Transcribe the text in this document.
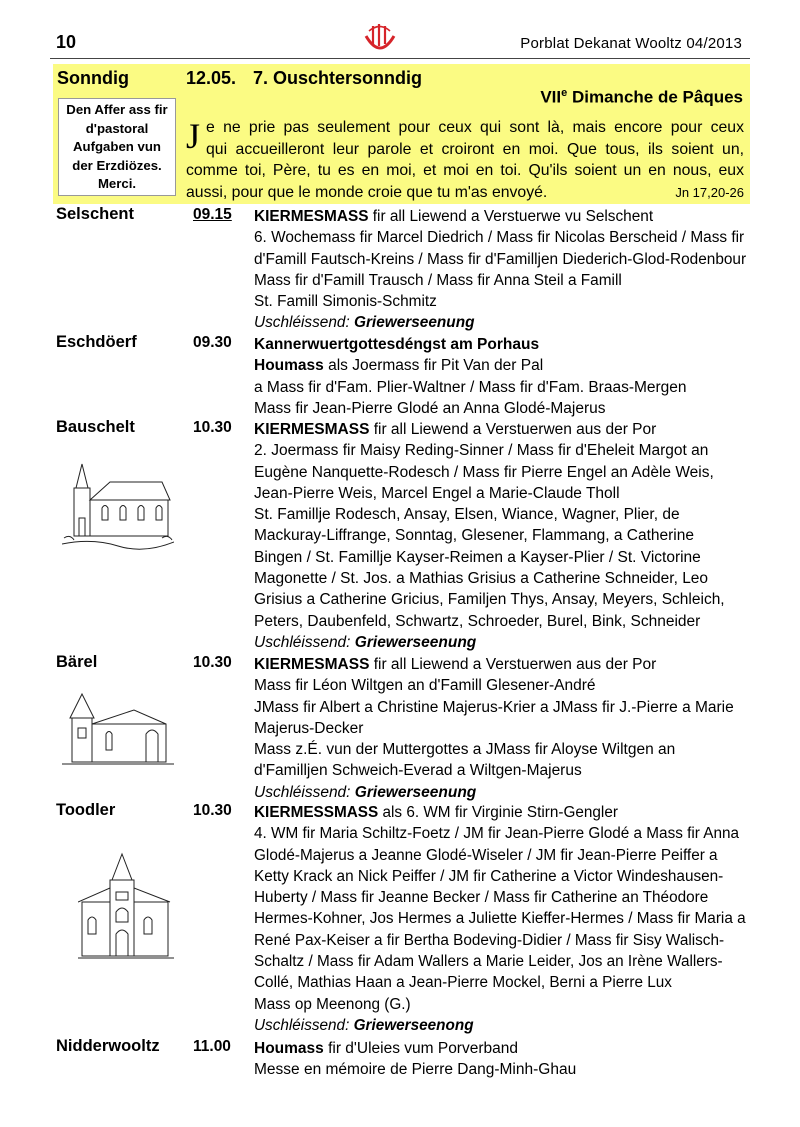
10	Porblat Dekanat Wooltz 04/2013
Sonndig	12.05. 7. Ouschtersonndig
VIIe Dimanche de Pâques
Den Affer ass fir
d'pastoral
Aufgaben vun
der Erzdiözes.
Merci.
J e ne prie pas seulement pour ceux qui sont là, mais encore pour ceux
qui accueilleront leur parole et croiront en moi. Que tous, ils soient un,
comme toi, Père, tu es en moi, et moi en toi. Qu'ils soient un en nous, eux
aussi, pour que le monde croie que tu m'as envoyé.	Jn 17,20-26
Selschent	09.15 KIERMESMASS fir all Liewend a Verstuerwe vu Selschent
6. Wochemass fir Marcel Diedrich / Mass fir Nicolas Berscheid / Mass fir
d'Famill Fautsch-Kreins / Mass fir d'Familljen Diederich-Glod-Rodenbour
Mass fir d'Famill Trausch / Mass fir Anna Steil a Famill
St. Famill Simonis-Schmitz
Uschléissend: Griewerseenung
Eschdöerf	09.30 Kannerwuertgottesdéngst am Porhaus
Houmass als Joermass fir Pit Van der Pal
a Mass fir d'Fam. Plier-Waltner / Mass fir d'Fam. Braas-Mergen
Mass fir Jean-Pierre Glodé an Anna Glodé-Majerus
Bauschelt	10.30 KIERMESMASS fir all Liewend a Verstuerwen aus der Por
2. Joermass fir Maisy Reding-Sinner / Mass fir d'Eheleit Margot an
Eugène Nanquette-Rodesch / Mass fir Pierre Engel an Adèle Weis,
Jean-Pierre Weis, Marcel Engel a Marie-Claude Tholl
St. Famillje Rodesch, Ansay, Elsen, Wiance, Wagner, Plier, de
Mackuray-Liffrange, Sonntag, Glesener, Flammang, a Catherine
Bingen / St. Famillje Kayser-Reimen a Kayser-Plier / St. Victorine
Magonette / St. Jos. a Mathias Grisius a Catherine Schneider, Leo
Grisius a Catherine Gricius, Familjen Thys, Ansay, Meyers, Schleich,
Peters, Daubenfeld, Schwartz, Schroeder, Burel, Bink, Schneider
Uschléissend: Griewerseenung
Bärel	10.30 KIERMESMASS fir all Liewend a Verstuerwen aus der Por
Mass fir Léon Wiltgen an d'Famill Glesener-André
JMass fir Albert a Christine Majerus-Krier a JMass fir J.-Pierre a Marie
Majerus-Decker
Mass z.É. vun der Muttergottes a JMass fir Aloyse Wiltgen an
d'Familljen Schweich-Everad a Wiltgen-Majerus
Uschléissend: Griewerseenung
Toodler	10.30 KIERMESSMASS als 6. WM fir Virginie Stirn-Gengler
4. WM fir Maria Schiltz-Foetz / JM fir Jean-Pierre Glodé a Mass fir Anna
Glodé-Majerus a Jeanne Glodé-Wiseler / JM fir Jean-Pierre Peiffer a
Ketty Krack an Nick Peiffer / JM fir Catherine a Victor Windeshausen-
Huberty / Mass fir Jeanne Becker / Mass fir Catherine an Théodore
Hermes-Kohner, Jos Hermes a Juliette Kieffer-Hermes / Mass fir Maria a
René Pax-Keiser a fir Bertha Bodeving-Didier / Mass fir Sisy Walisch-
Schaltz / Mass fir Adam Wallers a Marie Leider, Jos an Irène Wallers-
Collé, Mathias Haan a Jean-Pierre Mockel, Berni a Pierre Lux
Mass op Meenong (G.)
Uschléissend: Griewerseenong
Nidderwooltz 11.00 Houmass fir d'Uleies vum Porverband
Messe en mémoire de Pierre Dang-Minh-Ghau
